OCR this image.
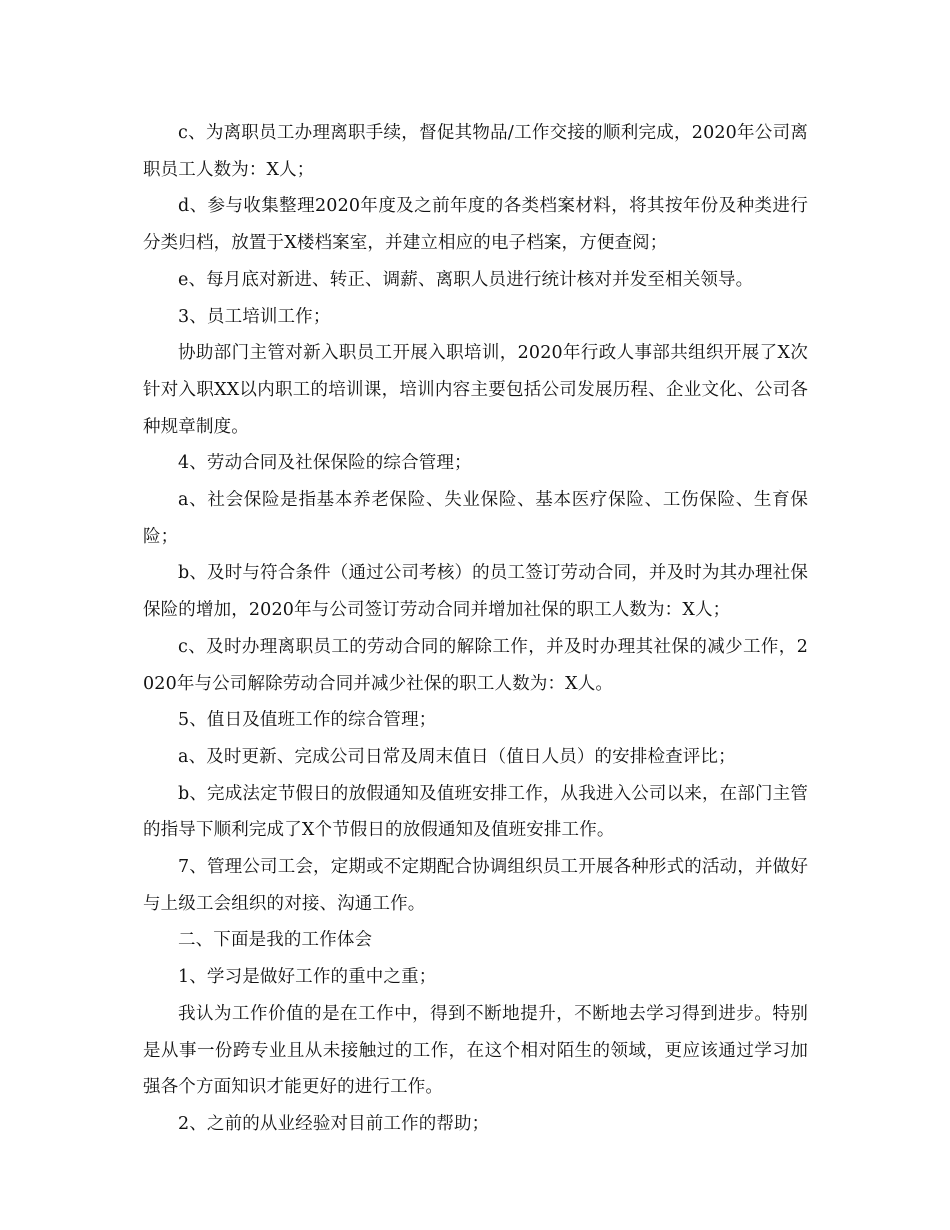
c、为离职员工办理离职手续，督促其物品/工作交接的顺利完成，2020年公司离职员工人数为：X人；

d、参与收集整理2020年度及之前年度的各类档案材料，将其按年份及种类进行分类归档，放置于X楼档案室，并建立相应的电子档案，方便查阅；

e、每月底对新进、转正、调薪、离职人员进行统计核对并发至相关领导。

3、员工培训工作；

协助部门主管对新入职员工开展入职培训，2020年行政人事部共组织开展了X次针对入职XX以内职工的培训课，培训内容主要包括公司发展历程、企业文化、公司各种规章制度。

4、劳动合同及社保保险的综合管理；

a、社会保险是指基本养老保险、失业保险、基本医疗保险、工伤保险、生育保险；

b、及时与符合条件（通过公司考核）的员工签订劳动合同，并及时为其办理社保保险的增加，2020年与公司签订劳动合同并增加社保的职工人数为：X人；

c、及时办理离职员工的劳动合同的解除工作，并及时办理其社保的减少工作，2020年与公司解除劳动合同并减少社保的职工人数为：X人。

5、值日及值班工作的综合管理；

a、及时更新、完成公司日常及周末值日（值日人员）的安排检查评比；

b、完成法定节假日的放假通知及值班安排工作，从我进入公司以来，在部门主管的指导下顺利完成了X个节假日的放假通知及值班安排工作。

7、管理公司工会，定期或不定期配合协调组织员工开展各种形式的活动，并做好与上级工会组织的对接、沟通工作。

二、下面是我的工作体会

1、学习是做好工作的重中之重；

我认为工作价值的是在工作中，得到不断地提升，不断地去学习得到进步。特别是从事一份跨专业且从未接触过的工作，在这个相对陌生的领域，更应该通过学习加强各个方面知识才能更好的进行工作。

2、之前的从业经验对目前工作的帮助；
